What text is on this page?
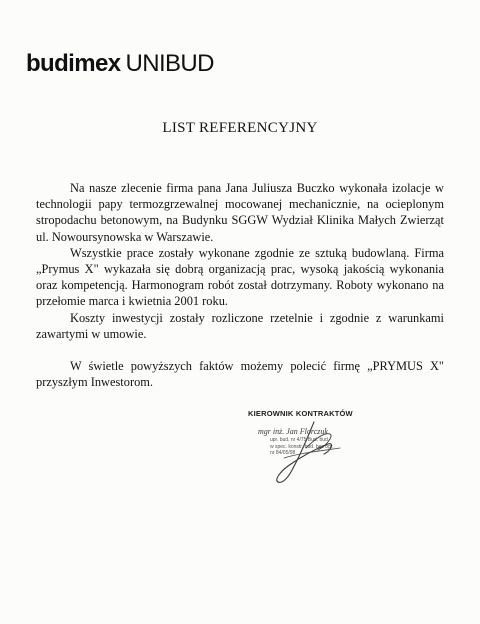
budimex UNIBUD
LIST REFERENCYJNY

Na nasze zlecenie firma pana Jana Juliusza Buczko wykonała izolacje w technologii papy termozgrzewalnej mocowanej mechanicznie, na ocieplonym stropodachu betonowym, na Budynku SGGW Wydział Klinika Małych Zwierząt ul. Nowoursynowska w Warszawie.

Wszystkie prace zostały wykonane zgodnie ze sztuką budowlaną. Firma „Prymus X" wykazała się dobrą organizacją prac, wysoką jakością wykonania oraz kompetencją. Harmonogram robót został dotrzymany. Roboty wykonano na przełomie marca i kwietnia 2001 roku.

Koszty inwestycji zostały rozliczone rzetelnie i zgodnie z warunkami zawartymi w umowie.

W świetle powyższych faktów możemy polecić firmę „PRYMUS X" przyszłym Inwestorom.

KIEROWNIK KONTRAKTÓW
mgr inż. Jan Florczuk
upr. bud. nr 4/75/Bud. bud.
w spec. konstr.-bud. bez ogr.
nr 84/05/98
